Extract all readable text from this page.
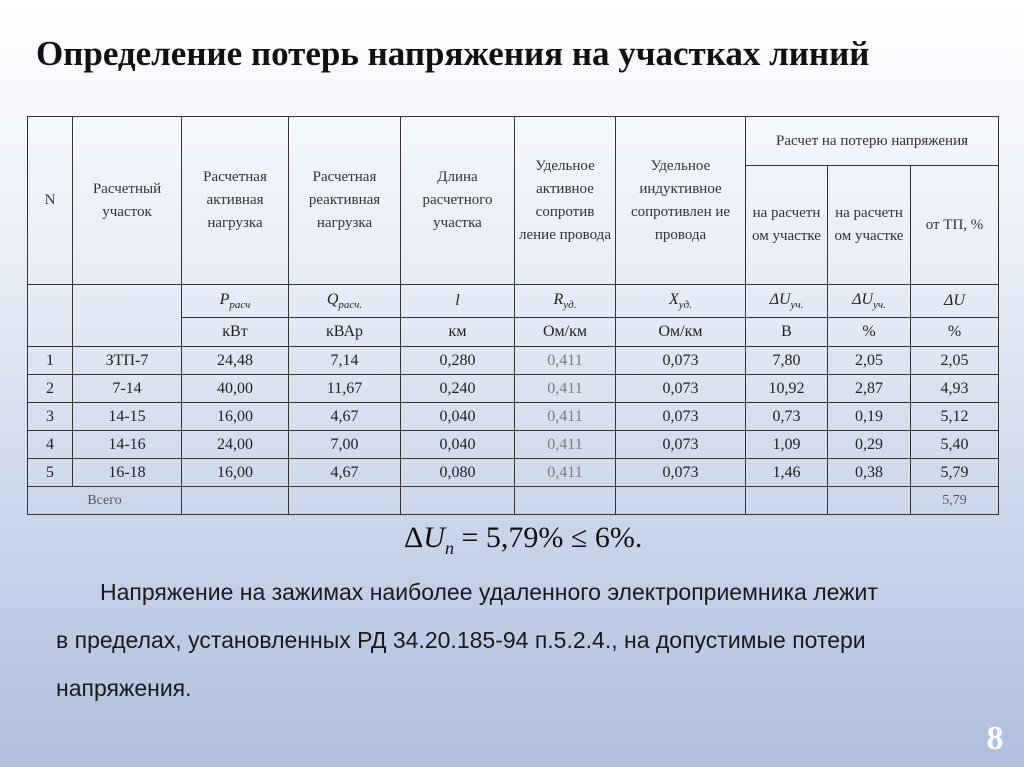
Определение потерь напряжения на участках линий
N	Расчетный участок	Расчетная активная нагрузка	Расчетная реактивная нагрузка	Длина расчетного участка	Удельное активное сопротив ление провода	Удельное индуктивное сопротивлен ие провода	Расчет на потерю напряжения		
							на расчетн ом участке	на расчетн ом участке	от ТП, %
		$P_{расч}$	$Q_{расч.}$	l	$R_{уд.}$	$X_{уд.}$	$\Delta U_{уч.}$	$\Delta U_{уч.}$	ΔU
		кВт	кВАр	км	Ом/км	Ом/км	В	%	%
1	ЗТП-7	24,48	7,14	0,280	0,411	0,073	7,80	2,05	2,05
2	7-14	40,00	11,67	0,240	0,411	0,073	10,92	2,87	4,93
3	14-15	16,00	4,67	0,040	0,411	0,073	0,73	0,19	5,12
4	14-16	24,00	7,00	0,040	0,411	0,073	1,09	0,29	5,40
5	16-18	16,00	4,67	0,080	0,411	0,073	1,46	0,38	5,79
Всего									5,79
$\Delta U_п = 5,79\% \le 6\%$.
Напряжение на зажимах наиболее удаленного электроприемника лежит
в пределах, установленных РД 34.20.185-94 п.5.2.4., на допустимые потери
напряжения.
8
